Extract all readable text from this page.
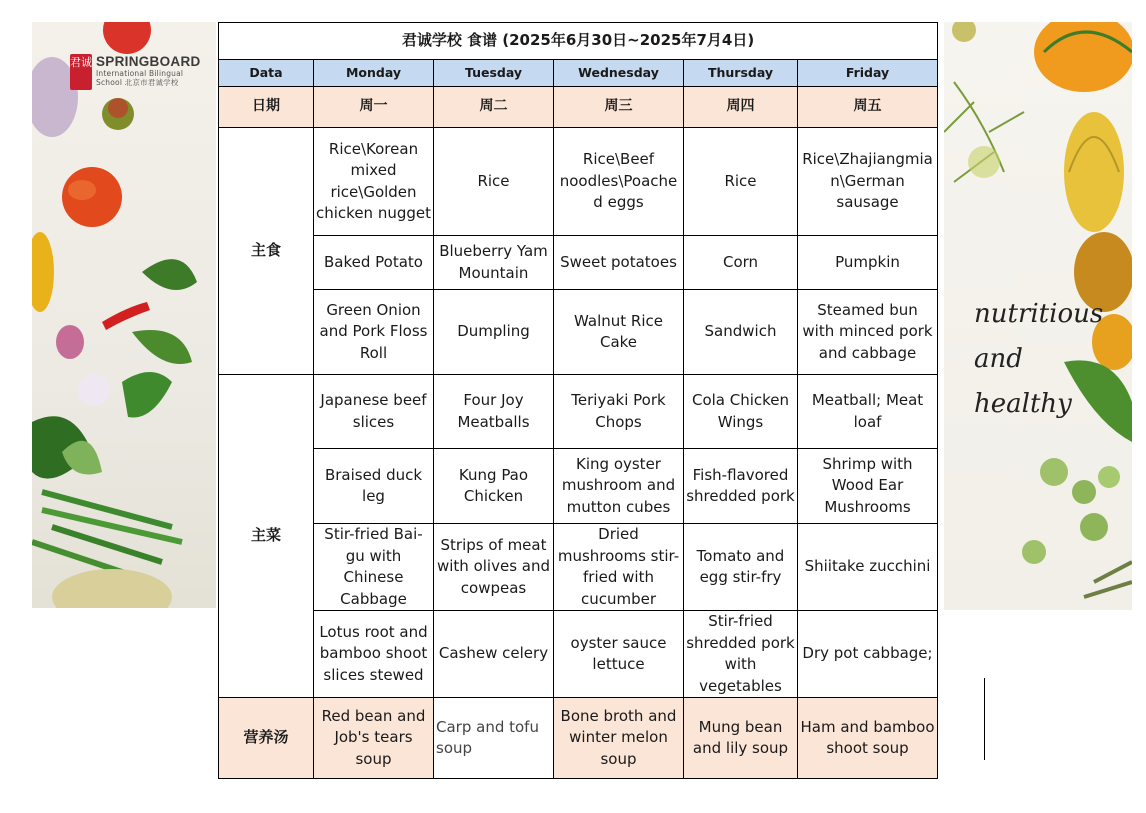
君诚 SPRINGBOARD
International Bilingual
School 北京市君诚学校
nutritious
and
healthy
君诚学校 食谱 (2025年6月30日~2025年7月4日)					
Data	Monday	Tuesday	Wednesday	Thursday	Friday
日期	周一	周二	周三	周四	周五
主食	Rice\Korean mixed rice\Golden chicken nugget	Rice	Rice\Beef noodles\Poached eggs	Rice	Rice\Zhajiangmian\German sausage
	Baked Potato	Blueberry Yam Mountain	Sweet potatoes	Corn	Pumpkin
	Green Onion and Pork Floss Roll	Dumpling	Walnut Rice Cake	Sandwich	Steamed bun with minced pork and cabbage
主菜	Japanese beef slices	Four Joy Meatballs	Teriyaki Pork Chops	Cola Chicken Wings	Meatball; Meat loaf
	Braised duck leg	Kung Pao Chicken	King oyster mushroom and mutton cubes	Fish-flavored shredded pork	Shrimp with Wood Ear Mushrooms
	Stir-fried Bai-gu with Chinese Cabbage	Strips of meat with olives and cowpeas	Dried mushrooms stir-fried with cucumber	Tomato and egg stir-fry	Shiitake zucchini
	Lotus root and bamboo shoot slices stewed	Cashew celery	oyster sauce lettuce	Stir-fried shredded pork with vegetables	Dry pot cabbage;
营养汤	Red bean and Job's tears soup	Carp and tofu soup	Bone broth and winter melon soup	Mung bean and lily soup	Ham and bamboo shoot soup
